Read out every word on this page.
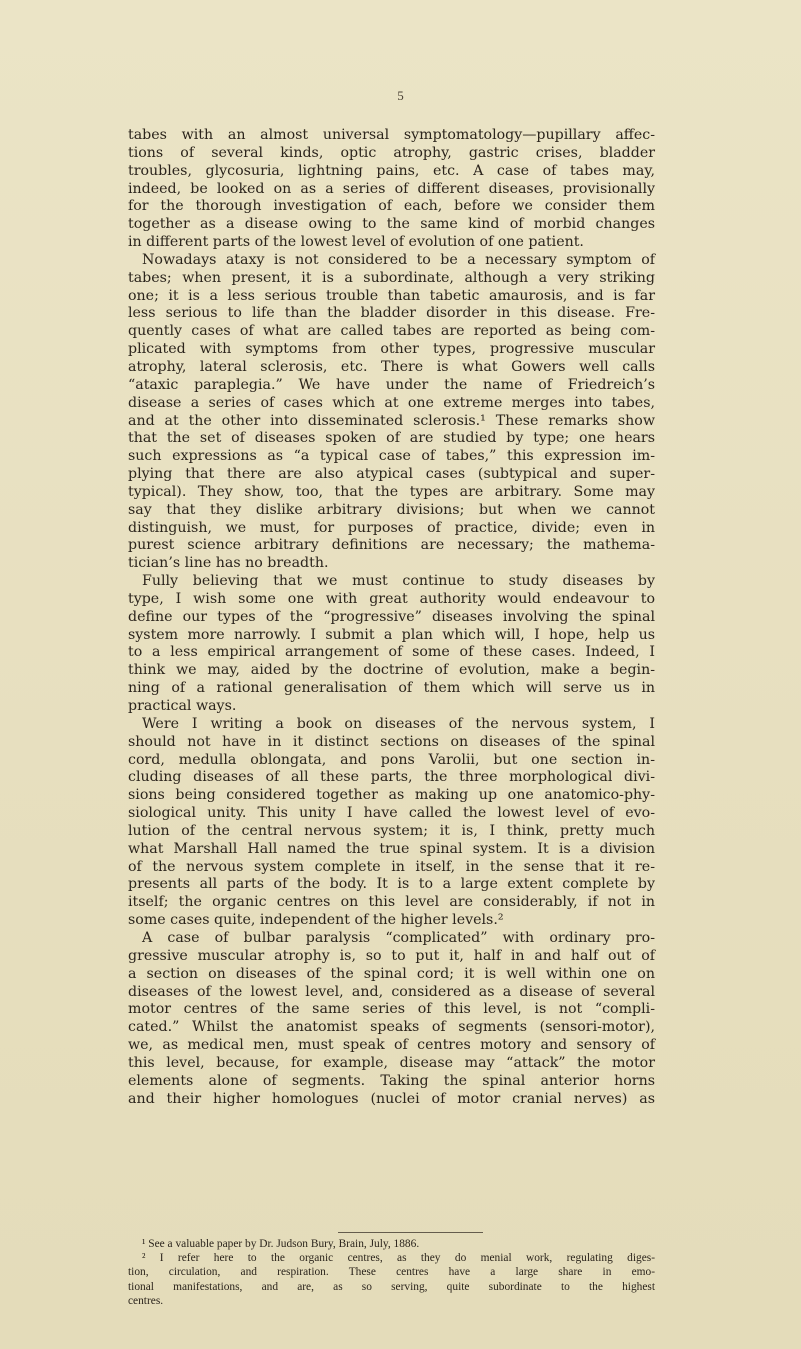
5
tabes with an almost universal symptomatology—pupillary affec-
tions of several kinds, optic atrophy, gastric crises, bladder
troubles, glycosuria, lightning pains, etc. A case of tabes may,
indeed, be looked on as a series of different diseases, provisionally
for the thorough investigation of each, before we consider them
together as a disease owing to the same kind of morbid changes
in different parts of the lowest level of evolution of one patient.
Nowadays ataxy is not considered to be a necessary symptom of
tabes; when present, it is a subordinate, although a very striking
one; it is a less serious trouble than tabetic amaurosis, and is far
less serious to life than the bladder disorder in this disease. Fre-
quently cases of what are called tabes are reported as being com-
plicated with symptoms from other types, progressive muscular
atrophy, lateral sclerosis, etc. There is what Gowers well calls
“ataxic paraplegia.” We have under the name of Friedreich’s
disease a series of cases which at one extreme merges into tabes,
and at the other into disseminated sclerosis.¹ These remarks show
that the set of diseases spoken of are studied by type; one hears
such expressions as “a typical case of tabes,” this expression im-
plying that there are also atypical cases (subtypical and super-
typical). They show, too, that the types are arbitrary. Some may
say that they dislike arbitrary divisions; but when we cannot
distinguish, we must, for purposes of practice, divide; even in
purest science arbitrary definitions are necessary; the mathema-
tician’s line has no breadth.
Fully believing that we must continue to study diseases by
type, I wish some one with great authority would endeavour to
define our types of the “progressive” diseases involving the spinal
system more narrowly. I submit a plan which will, I hope, help us
to a less empirical arrangement of some of these cases. Indeed, I
think we may, aided by the doctrine of evolution, make a begin-
ning of a rational generalisation of them which will serve us in
practical ways.
Were I writing a book on diseases of the nervous system, I
should not have in it distinct sections on diseases of the spinal
cord, medulla oblongata, and pons Varolii, but one section in-
cluding diseases of all these parts, the three morphological divi-
sions being considered together as making up one anatomico-phy-
siological unity. This unity I have called the lowest level of evo-
lution of the central nervous system; it is, I think, pretty much
what Marshall Hall named the true spinal system. It is a division
of the nervous system complete in itself, in the sense that it re-
presents all parts of the body. It is to a large extent complete by
itself; the organic centres on this level are considerably, if not in
some cases quite, independent of the higher levels.²
A case of bulbar paralysis “complicated” with ordinary pro-
gressive muscular atrophy is, so to put it, half in and half out of
a section on diseases of the spinal cord; it is well within one on
diseases of the lowest level, and, considered as a disease of several
motor centres of the same series of this level, is not “compli-
cated.” Whilst the anatomist speaks of segments (sensori-motor),
we, as medical men, must speak of centres motory and sensory of
this level, because, for example, disease may “attack” the motor
elements alone of segments. Taking the spinal anterior horns
and their higher homologues (nuclei of motor cranial nerves) as
¹ See a valuable paper by Dr. Judson Bury, Brain, July, 1886.
² I refer here to the organic centres, as they do menial work, regulating diges-
tion, circulation, and respiration. These centres have a large share in emo-
tional manifestations, and are, as so serving, quite subordinate to the highest
centres.
